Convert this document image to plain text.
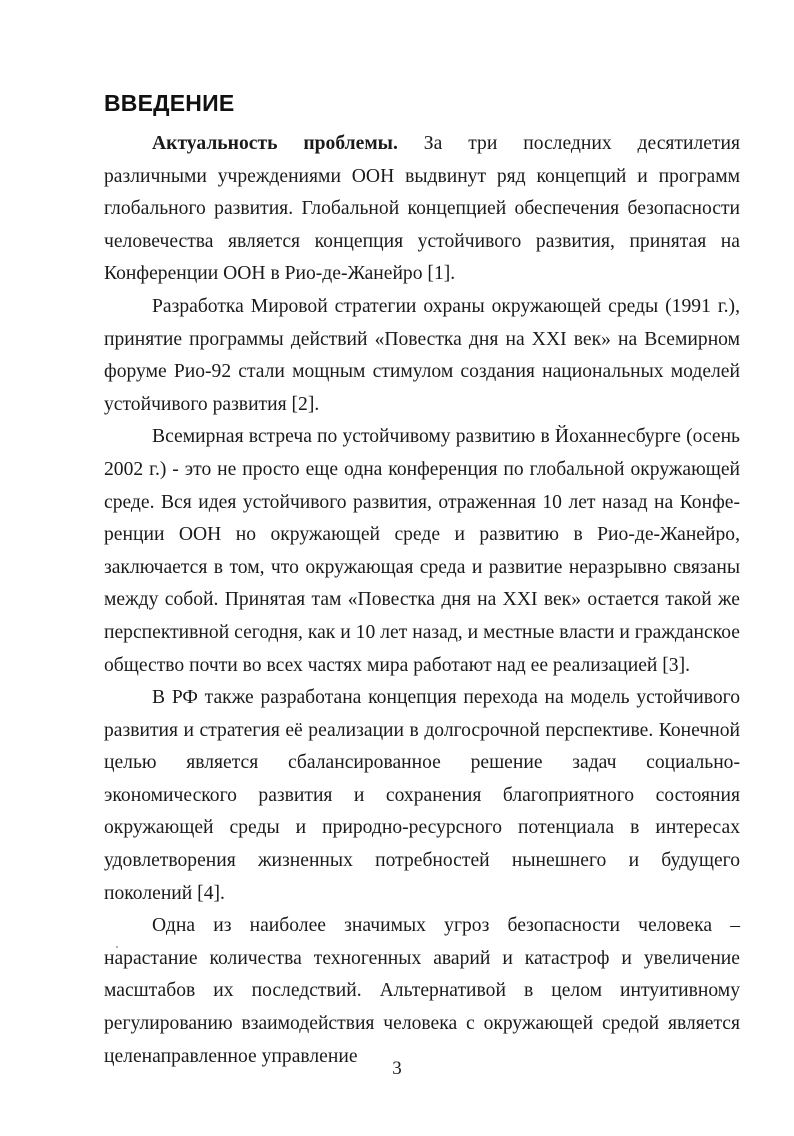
ВВЕДЕНИЕ

Актуальность проблемы. За три последних десятилетия различными учреждениями ООН выдвинут ряд концепций и программ глобального развития. Глобальной концепцией обеспечения безопасности человечества является концепция устойчивого развития, принятая на Конференции ООН в Рио-де-Жанейро [1].

Разработка Мировой стратегии охраны окружающей среды (1991 г.), принятие программы действий «Повестка дня на XXI век» на Всемирном форуме Рио-92 стали мощным стимулом создания национальных моделей устойчивого развития [2].

Всемирная встреча по устойчивому развитию в Йоханнесбурге (осень 2002 г.) - это не просто еще одна конференция по глобальной окружающей среде. Вся идея устойчивого развития, отраженная 10 лет назад на Конференции ООН но окружающей среде и развитию в Рио-де-Жанейро, заключается в том, что окружающая среда и развитие неразрывно связаны между собой. Принятая там «Повестка дня на XXI век» остается такой же перспективной сегодня, как и 10 лет назад, и местные власти и гражданское общество почти во всех частях мира работают над ее реализацией [3].

В РФ также разработана концепция перехода на модель устойчивого развития и стратегия её реализации в долгосрочной перспективе. Конечной целью является сбалансированное решение задач социально-экономического развития и сохранения благоприятного состояния окружающей среды и природно-ресурсного потенциала в интересах удовлетворения жизненных потребностей нынешнего и будущего поколений [4].

Одна из наиболее значимых угроз безопасности человека – нарастание количества техногенных аварий и катастроф и увеличение масштабов их последствий. Альтернативой в целом интуитивному регулированию взаимодействия человека с окружающей средой является целенаправленное управление

3
